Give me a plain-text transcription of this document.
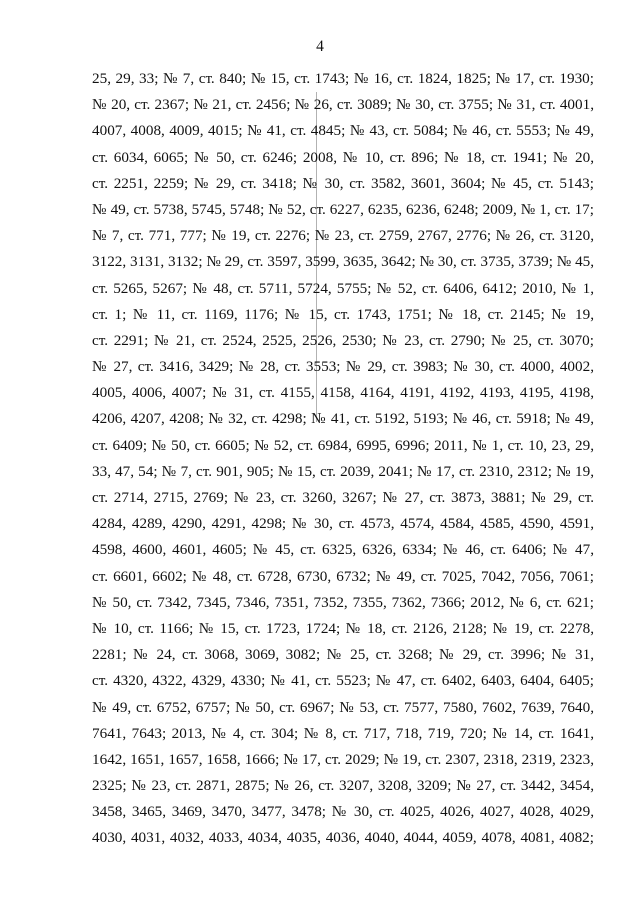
4
25, 29, 33; № 7, ст. 840; № 15, ст. 1743; № 16, ст. 1824, 1825; № 17, ст. 1930;
№ 20, ст. 2367; № 21, ст. 2456; № 26, ст. 3089; № 30, ст. 3755; № 31, ст. 4001,
4007, 4008, 4009, 4015; № 41, ст. 4845; № 43, ст. 5084; № 46, ст. 5553; № 49,
ст. 6034, 6065; № 50, ст. 6246; 2008, № 10, ст. 896; № 18, ст. 1941; № 20,
ст. 2251, 2259; № 29, ст. 3418; № 30, ст. 3582, 3601, 3604; № 45, ст. 5143;
№ 49, ст. 5738, 5745, 5748; № 52, ст. 6227, 6235, 6236, 6248; 2009, № 1, ст. 17;
№ 7, ст. 771, 777; № 19, ст. 2276; № 23, ст. 2759, 2767, 2776; № 26, ст. 3120,
3122, 3131, 3132; № 29, ст. 3597, 3599, 3635, 3642; № 30, ст. 3735, 3739; № 45,
ст. 5265, 5267; № 48, ст. 5711, 5724, 5755; № 52, ст. 6406, 6412; 2010, № 1,
ст. 1; № 11, ст. 1169, 1176; № 15, ст. 1743, 1751; № 18, ст. 2145; № 19,
ст. 2291; № 21, ст. 2524, 2525, 2526, 2530; № 23, ст. 2790; № 25, ст. 3070;
№ 27, ст. 3416, 3429; № 28, ст. 3553; № 29, ст. 3983; № 30, ст. 4000, 4002,
4005, 4006, 4007; № 31, ст. 4155, 4158, 4164, 4191, 4192, 4193, 4195, 4198,
4206, 4207, 4208; № 32, ст. 4298; № 41, ст. 5192, 5193; № 46, ст. 5918; № 49,
ст. 6409; № 50, ст. 6605; № 52, ст. 6984, 6995, 6996; 2011, № 1, ст. 10, 23, 29,
33, 47, 54; № 7, ст. 901, 905; № 15, ст. 2039, 2041; № 17, ст. 2310, 2312; № 19,
ст. 2714, 2715, 2769; № 23, ст. 3260, 3267; № 27, ст. 3873, 3881; № 29, ст.
4284, 4289, 4290, 4291, 4298; № 30, ст. 4573, 4574, 4584, 4585, 4590, 4591,
4598, 4600, 4601, 4605; № 45, ст. 6325, 6326, 6334; № 46, ст. 6406; № 47,
ст. 6601, 6602; № 48, ст. 6728, 6730, 6732; № 49, ст. 7025, 7042, 7056, 7061;
№ 50, ст. 7342, 7345, 7346, 7351, 7352, 7355, 7362, 7366; 2012, № 6, ст. 621;
№ 10, ст. 1166; № 15, ст. 1723, 1724; № 18, ст. 2126, 2128; № 19, ст. 2278,
2281; № 24, ст. 3068, 3069, 3082; № 25, ст. 3268; № 29, ст. 3996; № 31,
ст. 4320, 4322, 4329, 4330; № 41, ст. 5523; № 47, ст. 6402, 6403, 6404, 6405;
№ 49, ст. 6752, 6757; № 50, ст. 6967; № 53, ст. 7577, 7580, 7602, 7639, 7640,
7641, 7643; 2013, № 4, ст. 304; № 8, ст. 717, 718, 719, 720; № 14, ст. 1641,
1642, 1651, 1657, 1658, 1666; № 17, ст. 2029; № 19, ст. 2307, 2318, 2319, 2323,
2325; № 23, ст. 2871, 2875; № 26, ст. 3207, 3208, 3209; № 27, ст. 3442, 3454,
3458, 3465, 3469, 3470, 3477, 3478; № 30, ст. 4025, 4026, 4027, 4028, 4029,
4030, 4031, 4032, 4033, 4034, 4035, 4036, 4040, 4044, 4059, 4078, 4081, 4082;
